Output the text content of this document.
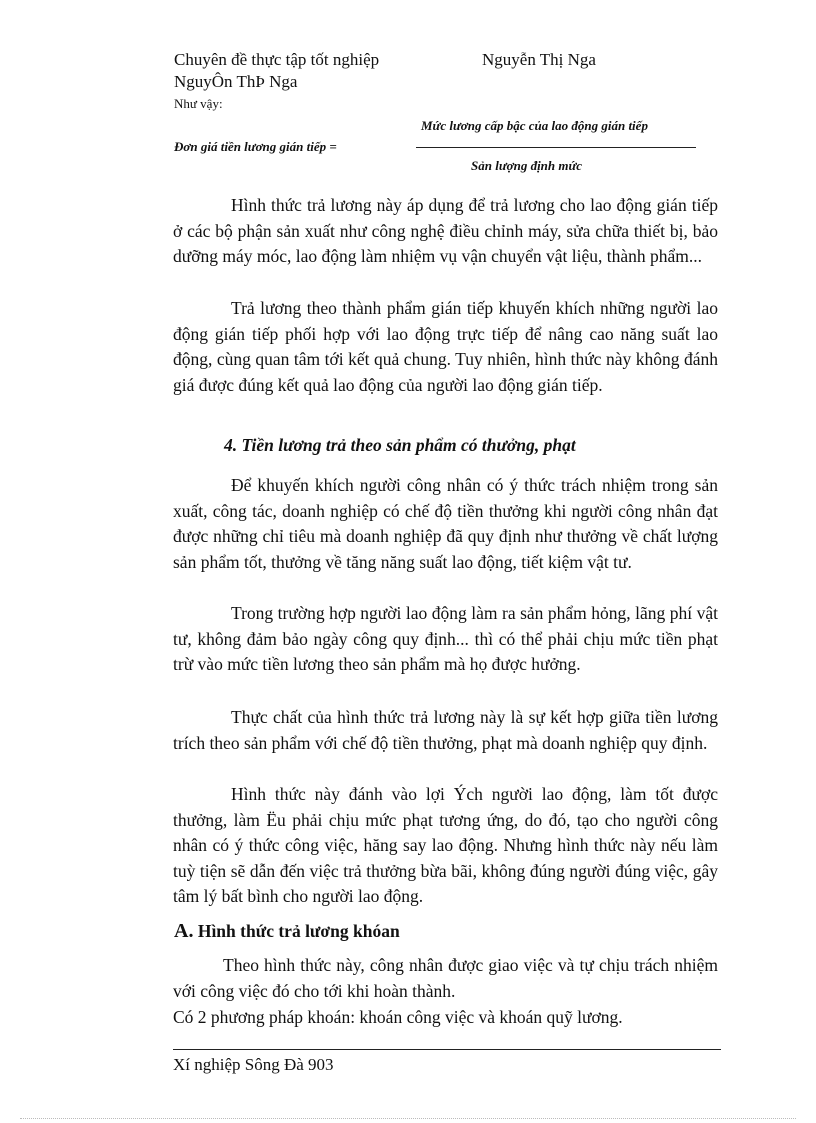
Chuyên đề thực tập tốt nghiệp	Nguyễn Thị Nga
NguyÔn ThÞ Nga
Như vậy:
Đơn giá tiền lương gián tiếp =
Mức lương cấp bậc của lao động gián tiếp
Sản lượng định mức

Hình thức trả lương này áp dụng để trả lương cho lao động gián tiếp ở các bộ phận sản xuất như công nghệ điều chỉnh máy, sửa chữa thiết bị, bảo dưỡng máy móc, lao động làm nhiệm vụ vận chuyển vật liệu, thành phẩm...

Trả lương theo thành phẩm gián tiếp khuyến khích những người lao động gián tiếp phối hợp với lao động trực tiếp để nâng cao năng suất lao động, cùng quan tâm tới kết quả chung. Tuy nhiên, hình thức này không đánh giá được đúng kết quả lao động của người lao động gián tiếp.

4. Tiền lương trả theo sản phẩm có thưởng, phạt

Để khuyến khích người công nhân có ý thức trách nhiệm trong sản xuất, công tác, doanh nghiệp có chế độ tiền thưởng khi người công nhân đạt được những chỉ tiêu mà doanh nghiệp đã quy định như thưởng về chất lượng sản phẩm tốt, thưởng về tăng năng suất lao động, tiết kiệm vật tư.

Trong trường hợp người lao động làm ra sản phẩm hỏng, lãng phí vật tư, không đảm bảo ngày công quy định... thì có thể phải chịu mức tiền phạt trừ vào mức tiền lương theo sản phẩm mà họ được hưởng.

Thực chất của hình thức trả lương này là sự kết hợp giữa tiền lương trích theo sản phẩm với chế độ tiền thưởng, phạt mà doanh nghiệp quy định.

Hình thức này đánh vào lợi Ých người lao động, làm tốt được thưởng, làm Ëu phải chịu mức phạt tương ứng, do đó, tạo cho người công nhân có ý thức công việc, hăng say lao động. Nhưng hình thức này nếu làm tuỳ tiện sẽ dẫn đến việc trả thưởng bừa bãi, không đúng người đúng việc, gây tâm lý bất bình cho người lao động.

A. Hình thức trả lương khóan

Theo hình thức này, công nhân được giao việc và tự chịu trách nhiệm với công việc đó cho tới khi hoàn thành.

Có 2 phương pháp khoán: khoán công việc và khoán quỹ lương.

Xí nghiệp Sông Đà 903
